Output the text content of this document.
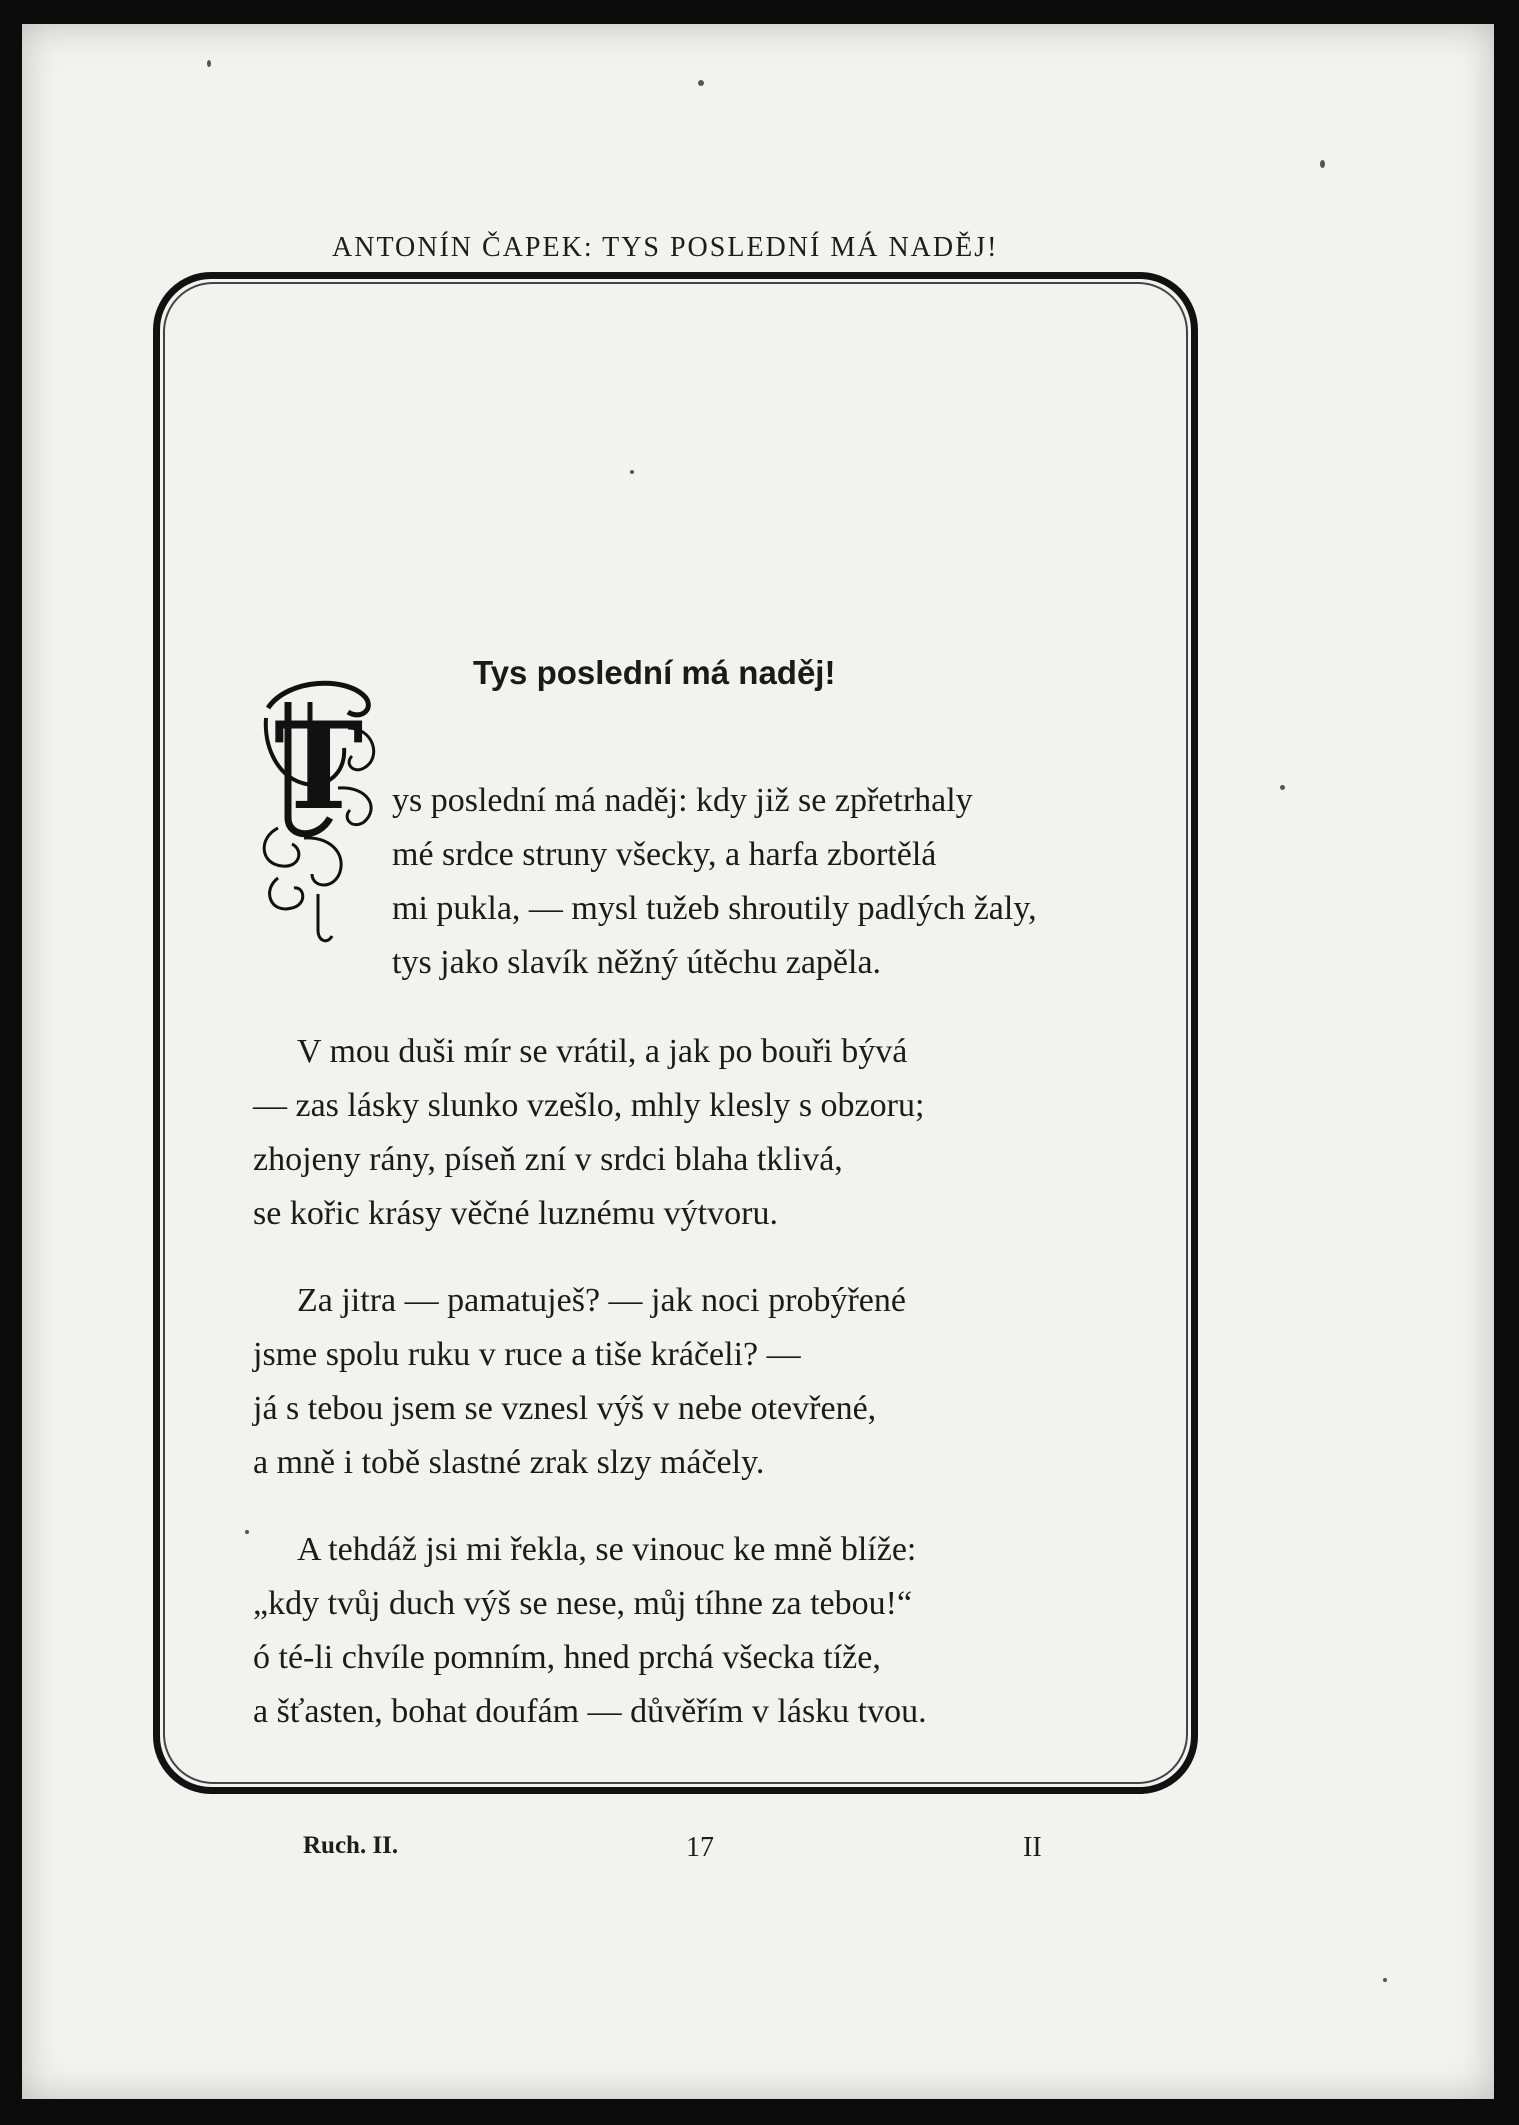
ANTONÍN ČAPEK: TYS POSLEDNÍ MÁ NADĚJ!
Tys poslední má naděj!
T ys poslední má naděj: kdy již se zpřetrhaly
mé srdce struny všecky, a harfa zbortělá
mi pukla, — mysl tužeb shroutily padlých žaly,
tys jako slavík něžný útěchu zapěla.
V mou duši mír se vrátil, a jak po bouři bývá
— zas lásky slunko vzešlo, mhly klesly s obzoru;
zhojeny rány, píseň zní v srdci blaha tklivá,
se kořic krásy věčné luznému výtvoru.
Za jitra — pamatuješ? — jak noci probýřené
jsme spolu ruku v ruce a tiše kráčeli? —
já s tebou jsem se vznesl výš v nebe otevřené,
a mně i tobě slastné zrak slzy máčely.
A tehdáž jsi mi řekla, se vinouc ke mně blíže:
„kdy tvůj duch výš se nese, můj tíhne za tebou!“
ó té-li chvíle pomním, hned prchá všecka tíže,
a šťasten, bohat doufám — důvěřím v lásku tvou.
Ruch. II.	17	II
